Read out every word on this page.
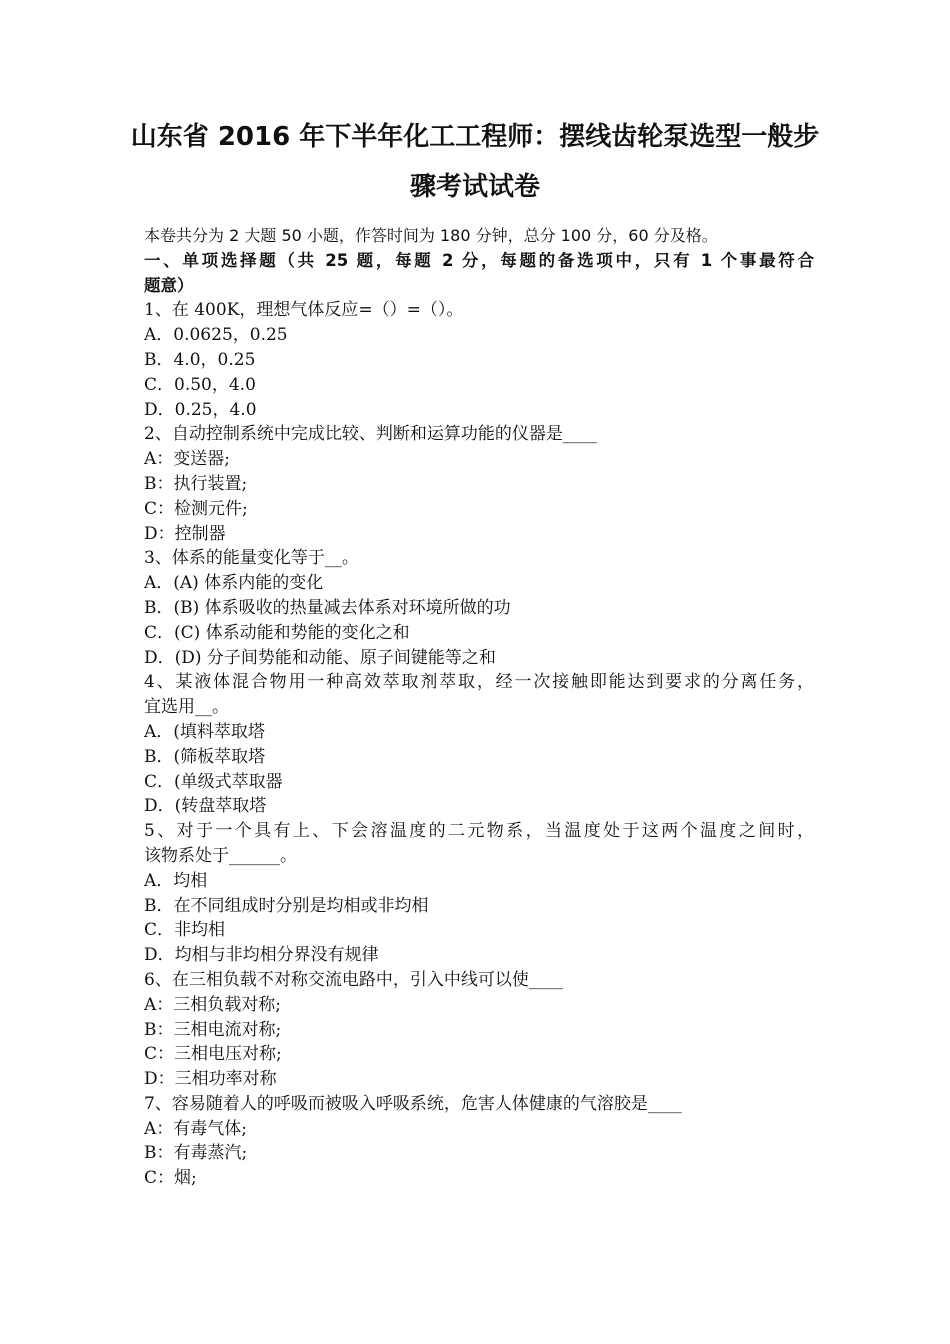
山东省 2016 年下半年化工工程师：摆线齿轮泵选型一般步
骤考试试卷
本卷共分为 2 大题 50 小题，作答时间为 180 分钟，总分 100 分，60 分及格。
一、单项选择题（共 25 题，每题 2 分，每题的备选项中，只有 1 个事最符合
题意）
1、在 400K，理想气体反应=（）=（）。
A．0.0625，0.25
B．4.0，0.25
C．0.50，4.0
D．0.25，4.0
2、自动控制系统中完成比较、判断和运算功能的仪器是____
A：变送器;
B：执行装置;
C：检测元件;
D：控制器
3、体系的能量变化等于__。
A．(A) 体系内能的变化
B．(B) 体系吸收的热量减去体系对环境所做的功
C．(C) 体系动能和势能的变化之和
D．(D) 分子间势能和动能、原子间键能等之和
4、某液体混合物用一种高效萃取剂萃取，经一次接触即能达到要求的分离任务，
宜选用__。
A．(填料萃取塔
B．(筛板萃取塔
C．(单级式萃取器
D．(转盘萃取塔
5、对于一个具有上、下会溶温度的二元物系，当温度处于这两个温度之间时，
该物系处于______。
A．均相
B．在不同组成时分别是均相或非均相
C．非均相
D．均相与非均相分界没有规律
6、在三相负载不对称交流电路中，引入中线可以使____
A：三相负载对称;
B：三相电流对称;
C：三相电压对称;
D：三相功率对称
7、容易随着人的呼吸而被吸入呼吸系统，危害人体健康的气溶胶是____
A：有毒气体;
B：有毒蒸汽;
C：烟;
